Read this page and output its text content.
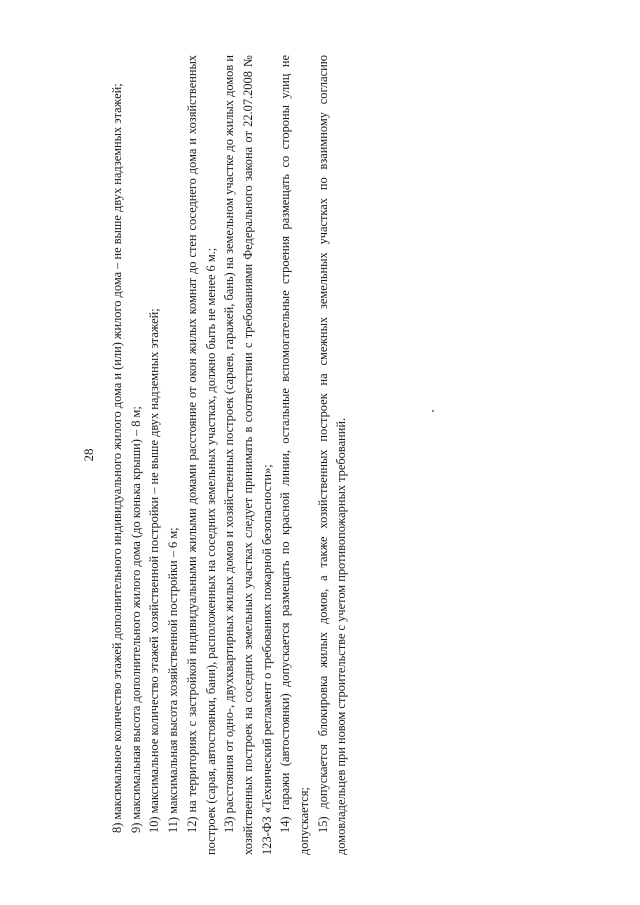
28 8) максимальное количество этажей дополнительного индивидуального жилого дома и (или) жилого дома – не выше двух надземных этажей; 9) максимальная высота дополнительного жилого дома (до конька крыши) – 8 м; 10) максимальное количество этажей хозяйственной постройки – не выше двух надземных этажей; 11) максимальная высота хозяйственной постройки – 6 м; 12) на территориях с застройкой индивидуальными жилыми домами расстояние от окон жилых комнат до стен соседнего дома и хозяйственных построек (сарая, автостоянки, бани), расположенных на соседних земельных участках, должно быть не менее 6 м.; 13) расстояния от одно-, двухквартирных жилых домов и хозяйственных построек (сараев, гаражей, бань) на земельном участке до жилых домов и хозяйственных построек на соседних земельных участках следует принимать в соответствии с требованиями Федерального закона от 22.07.2008 № 123-ФЗ «Технический регламент о требованиях пожарной безопасности»; 14) гаражи (автостоянки) допускается размещать по красной линии, остальные вспомогательные строения размещать со стороны улиц не допускается; 15) допускается блокировка жилых домов, а также хозяйственных построек на смежных земельных участках по взаимному согласию домовладельцев при новом строительстве с учетом противопожарных требований.
